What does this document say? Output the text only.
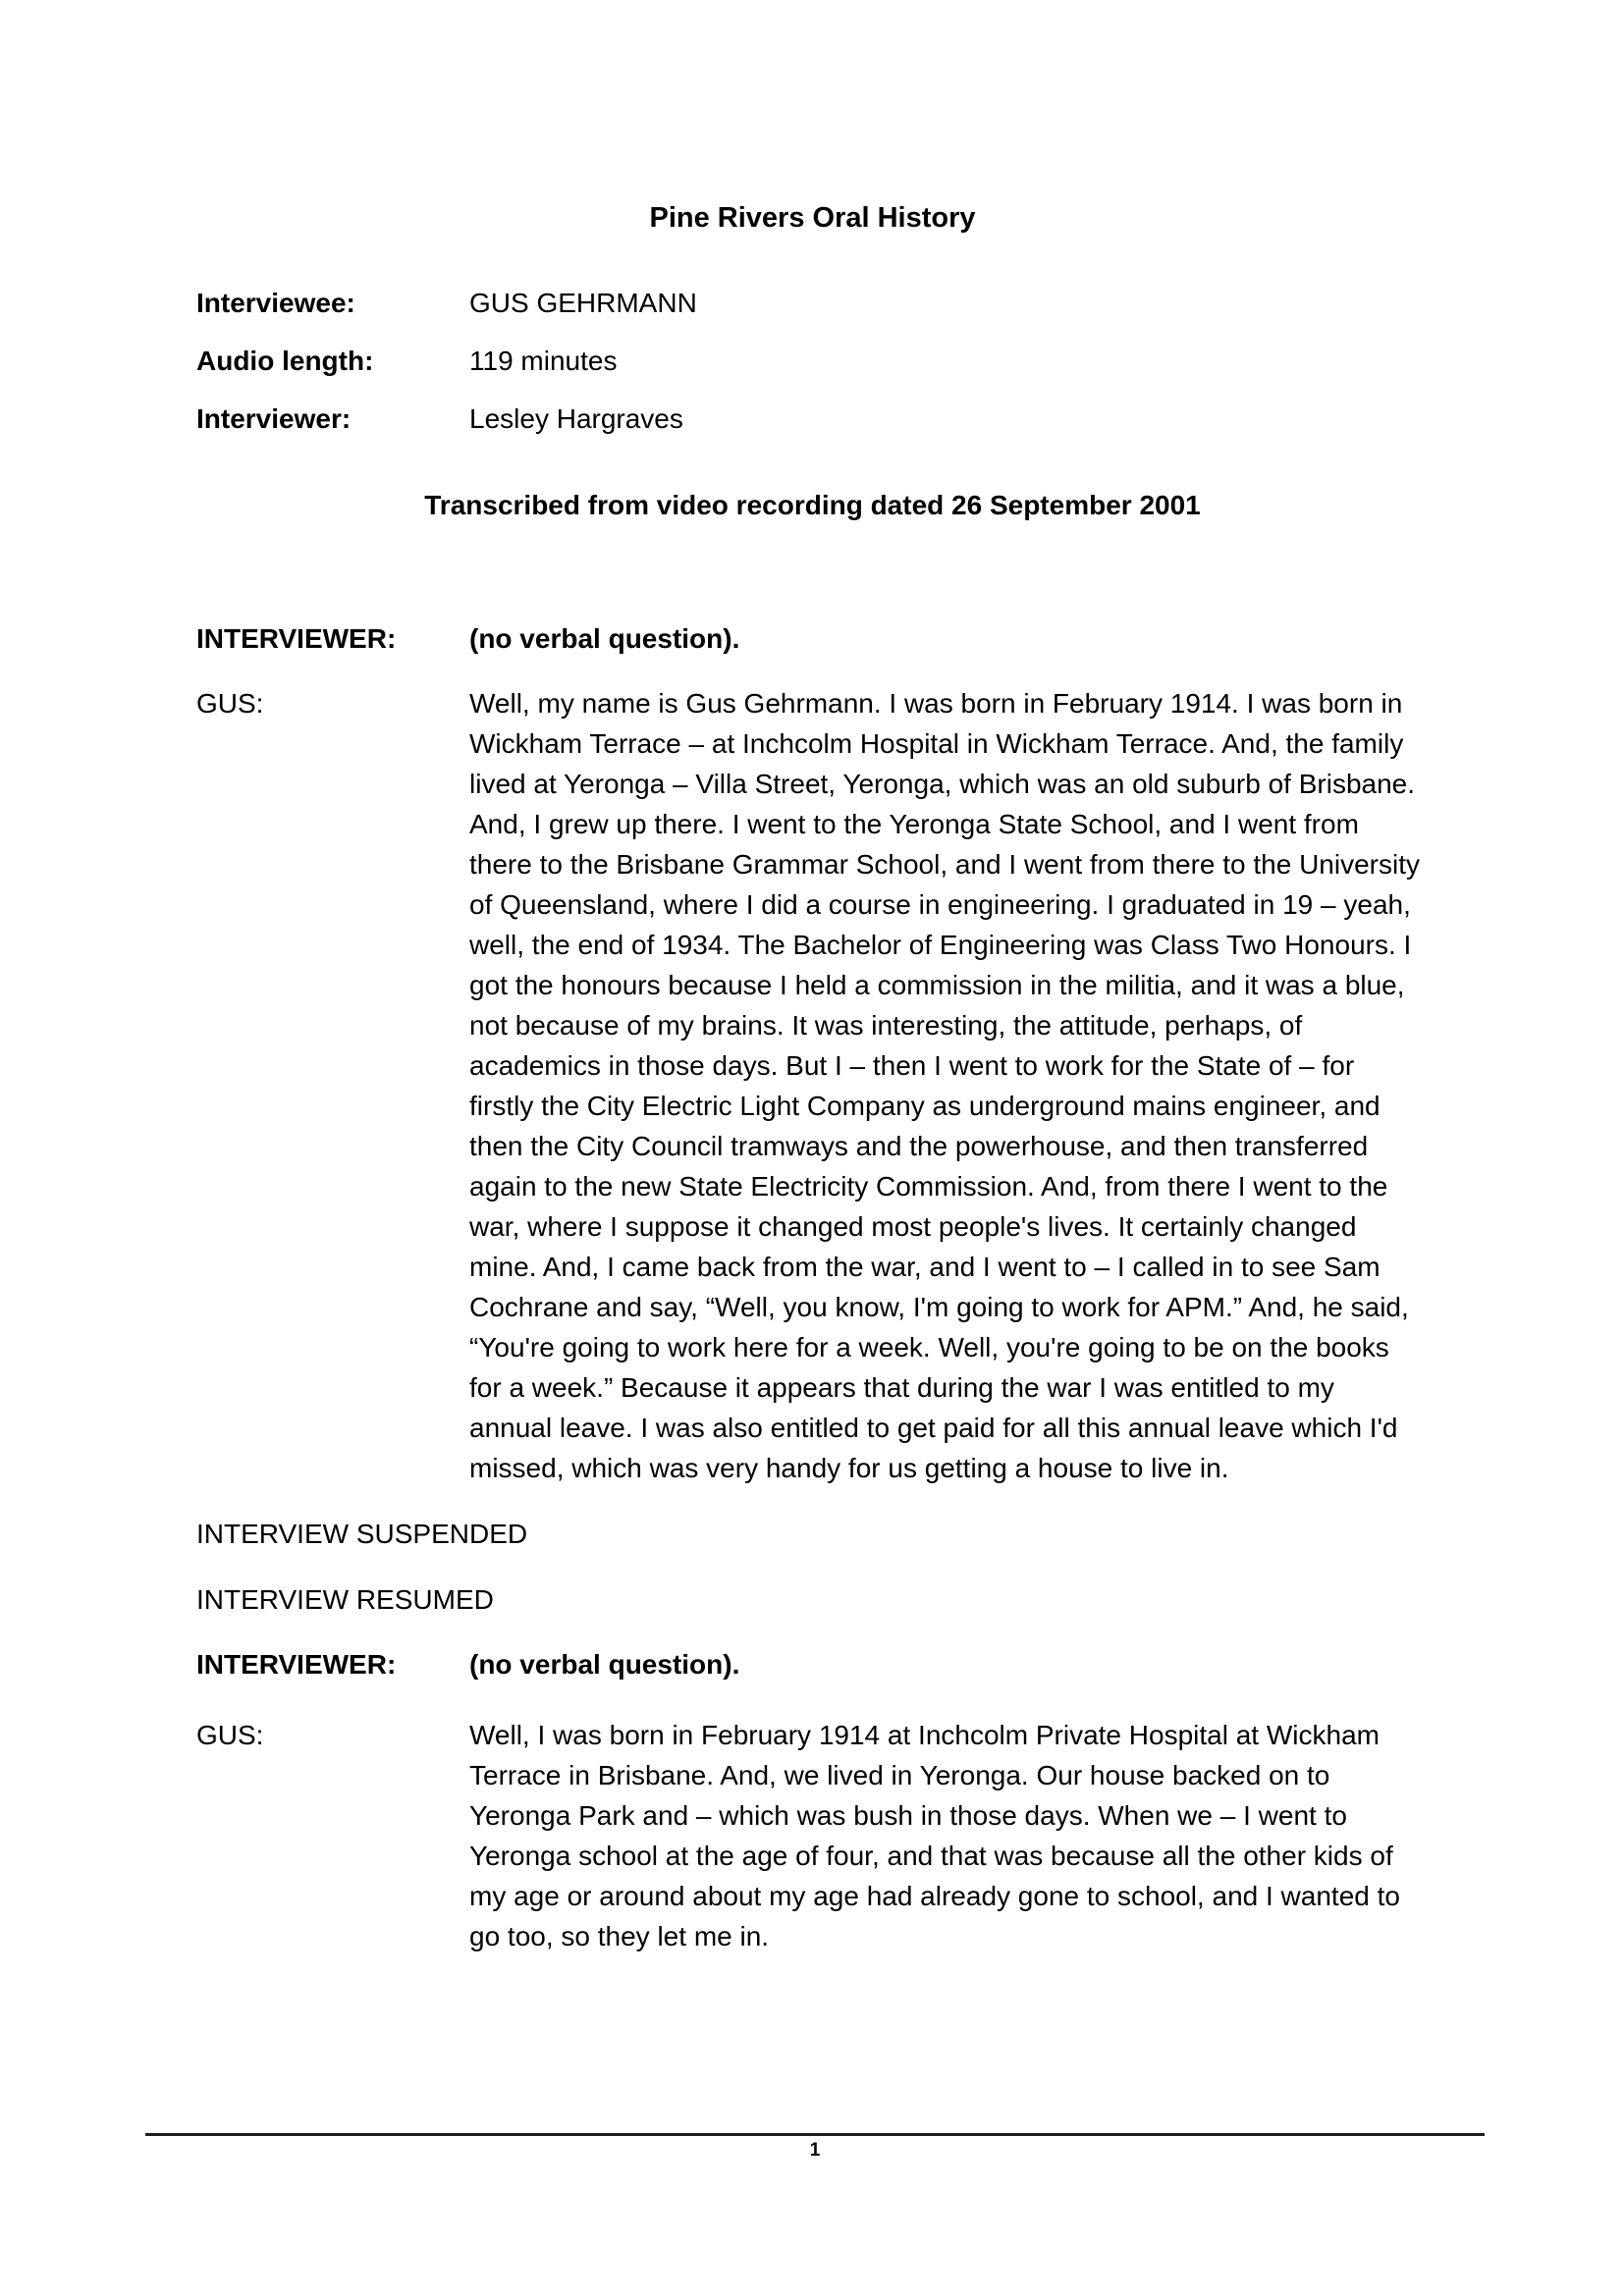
Pine Rivers Oral History
Interviewee:	GUS GEHRMANN
Audio length:	119 minutes
Interviewer:	Lesley Hargraves
Transcribed from video recording dated 26 September 2001
INTERVIEWER:	(no verbal question).
GUS:	Well, my name is Gus Gehrmann. I was born in February 1914. I was born in Wickham Terrace – at Inchcolm Hospital in Wickham Terrace. And, the family lived at Yeronga – Villa Street, Yeronga, which was an old suburb of Brisbane. And, I grew up there. I went to the Yeronga State School, and I went from there to the Brisbane Grammar School, and I went from there to the University of Queensland, where I did a course in engineering. I graduated in 19 – yeah, well, the end of 1934. The Bachelor of Engineering was Class Two Honours. I got the honours because I held a commission in the militia, and it was a blue, not because of my brains. It was interesting, the attitude, perhaps, of academics in those days. But I – then I went to work for the State of – for firstly the City Electric Light Company as underground mains engineer, and then the City Council tramways and the powerhouse, and then transferred again to the new State Electricity Commission. And, from there I went to the war, where I suppose it changed most people's lives. It certainly changed mine. And, I came back from the war, and I went to – I called in to see Sam Cochrane and say, “Well, you know, I'm going to work for APM.” And, he said, “You're going to work here for a week. Well, you're going to be on the books for a week.” Because it appears that during the war I was entitled to my annual leave. I was also entitled to get paid for all this annual leave which I'd missed, which was very handy for us getting a house to live in.
INTERVIEW SUSPENDED
INTERVIEW RESUMED
INTERVIEWER:	(no verbal question).
GUS:	Well, I was born in February 1914 at Inchcolm Private Hospital at Wickham Terrace in Brisbane. And, we lived in Yeronga. Our house backed on to Yeronga Park and – which was bush in those days. When we – I went to Yeronga school at the age of four, and that was because all the other kids of my age or around about my age had already gone to school, and I wanted to go too, so they let me in.
1
